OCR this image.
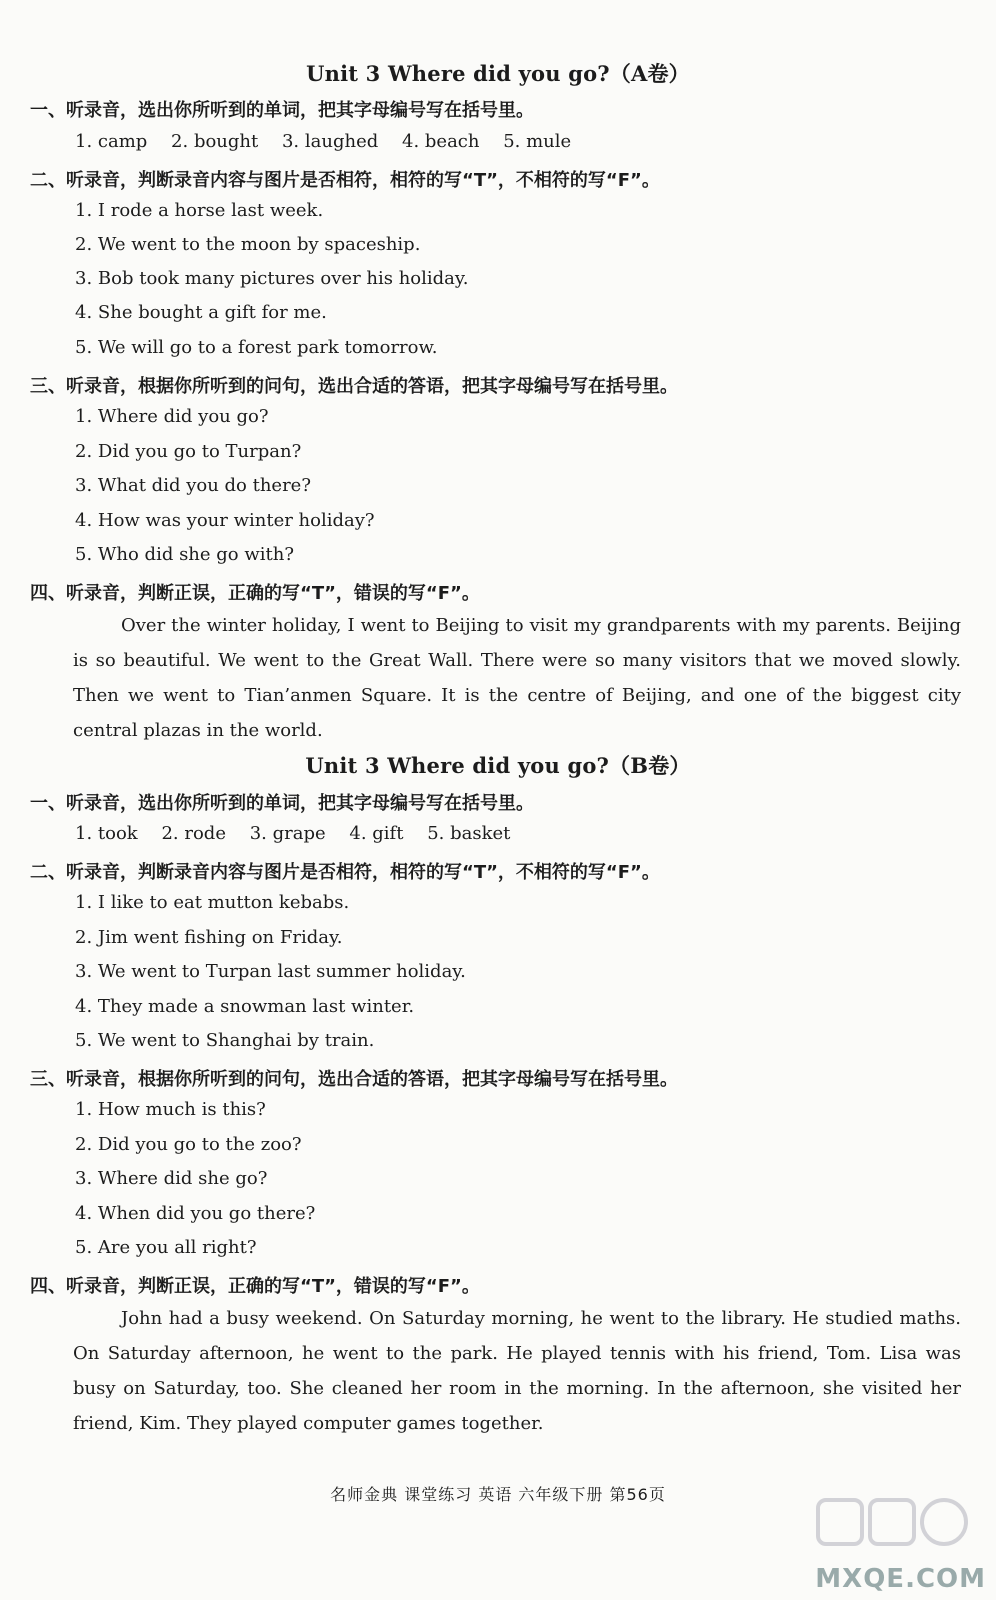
Unit 3 Where did you go?（A卷）
一、听录音，选出你所听到的单词，把其字母编号写在括号里。
1. camp 2. bought 3. laughed 4. beach 5. mule
二、听录音，判断录音内容与图片是否相符，相符的写“T”，不相符的写“F”。
1. I rode a horse last week.
2. We went to the moon by spaceship.
3. Bob took many pictures over his holiday.
4. She bought a gift for me.
5. We will go to a forest park tomorrow.
三、听录音，根据你所听到的问句，选出合适的答语，把其字母编号写在括号里。
1. Where did you go?
2. Did you go to Turpan?
3. What did you do there?
4. How was your winter holiday?
5. Who did she go with?
四、听录音，判断正误，正确的写“T”，错误的写“F”。
Over the winter holiday, I went to Beijing to visit my grandparents with my parents. Beijing is so beautiful. We went to the Great Wall. There were so many visitors that we moved slowly. Then we went to Tian’anmen Square. It is the centre of Beijing, and one of the biggest city central plazas in the world.
Unit 3 Where did you go?（B卷）
一、听录音，选出你所听到的单词，把其字母编号写在括号里。
1. took 2. rode 3. grape 4. gift 5. basket
二、听录音，判断录音内容与图片是否相符，相符的写“T”，不相符的写“F”。
1. I like to eat mutton kebabs.
2. Jim went fishing on Friday.
3. We went to Turpan last summer holiday.
4. They made a snowman last winter.
5. We went to Shanghai by train.
三、听录音，根据你所听到的问句，选出合适的答语，把其字母编号写在括号里。
1. How much is this?
2. Did you go to the zoo?
3. Where did she go?
4. When did you go there?
5. Are you all right?
四、听录音，判断正误，正确的写“T”，错误的写“F”。
John had a busy weekend. On Saturday morning, he went to the library. He studied maths. On Saturday afternoon, he went to the park. He played tennis with his friend, Tom. Lisa was busy on Saturday, too. She cleaned her room in the morning. In the afternoon, she visited her friend, Kim. They played computer games together.
名师金典 课堂练习 英语 六年级下册 第56页
MXQE.COM
